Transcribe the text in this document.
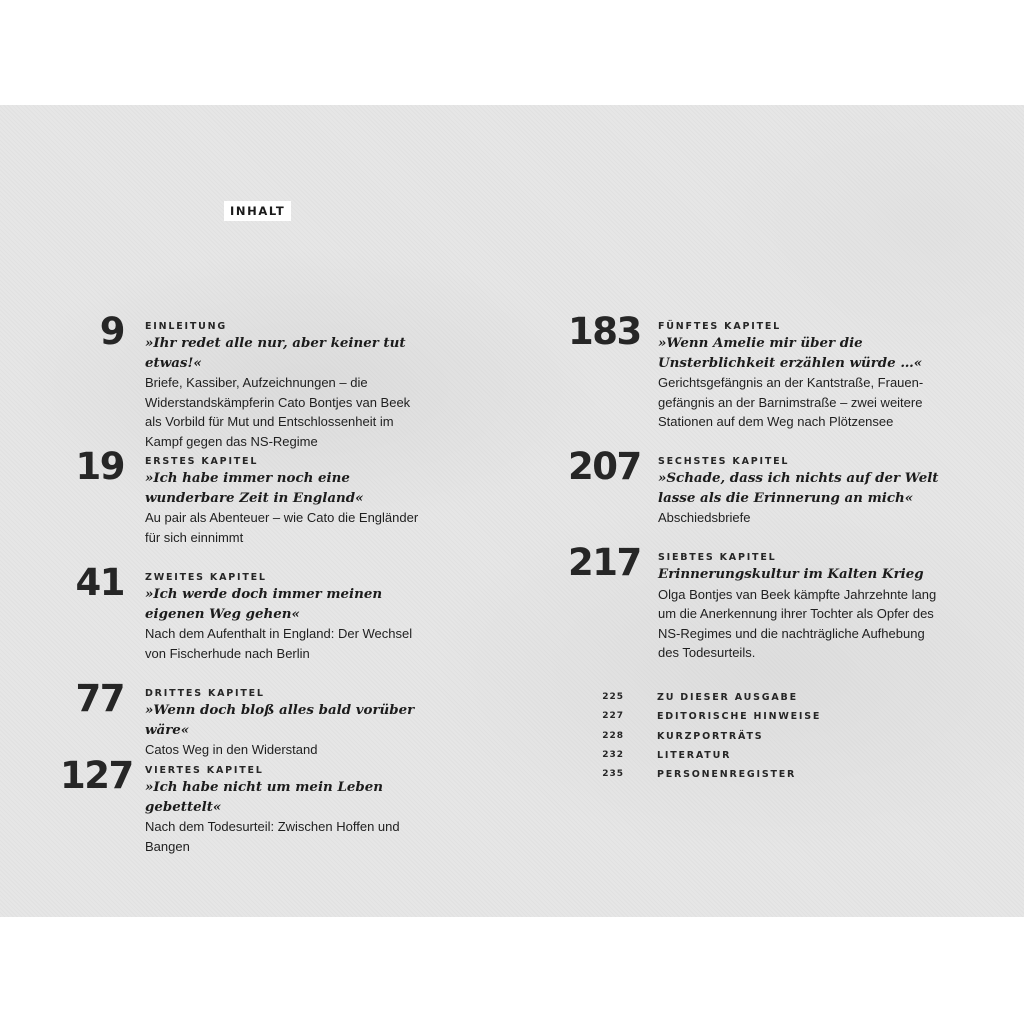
INHALT
9 EINLEITUNG
»Ihr redet alle nur, aber keiner tut etwas!«
Briefe, Kassiber, Aufzeichnungen – die
Widerstandskämpferin Cato Bontjes van Beek
als Vorbild für Mut und Entschlossenheit im
Kampf gegen das NS-Regime
19 ERSTES KAPITEL
»Ich habe immer noch eine
wunderbare Zeit in England«
Au pair als Abenteuer – wie Cato die Engländer
für sich einnimmt
41 ZWEITES KAPITEL
»Ich werde doch immer meinen
eigenen Weg gehen«
Nach dem Aufenthalt in England: Der Wechsel
von Fischerhude nach Berlin
77 DRITTES KAPITEL
»Wenn doch bloß alles bald vorüber wäre«
Catos Weg in den Widerstand
127 VIERTES KAPITEL
»Ich habe nicht um mein Leben gebettelt«
Nach dem Todesurteil: Zwischen Hoffen und
Bangen
183 FÜNFTES KAPITEL
»Wenn Amelie mir über die
Unsterblichkeit erzählen würde …«
Gerichtsgefängnis an der Kantstraße, Frauen-
gefängnis an der Barnimstraße – zwei weitere
Stationen auf dem Weg nach Plötzensee
207 SECHSTES KAPITEL
»Schade, dass ich nichts auf der Welt
lasse als die Erinnerung an mich«
Abschiedsbriefe
217 SIEBTES KAPITEL
Erinnerungskultur im Kalten Krieg
Olga Bontjes van Beek kämpfte Jahrzehnte lang
um die Anerkennung ihrer Tochter als Opfer des
NS-Regimes und die nachträgliche Aufhebung
des Todesurteils.
225	ZU DIESER AUSGABE
227	EDITORISCHE HINWEISE
228	KURZPORTRÄTS
232	LITERATUR
235	PERSONENREGISTER
